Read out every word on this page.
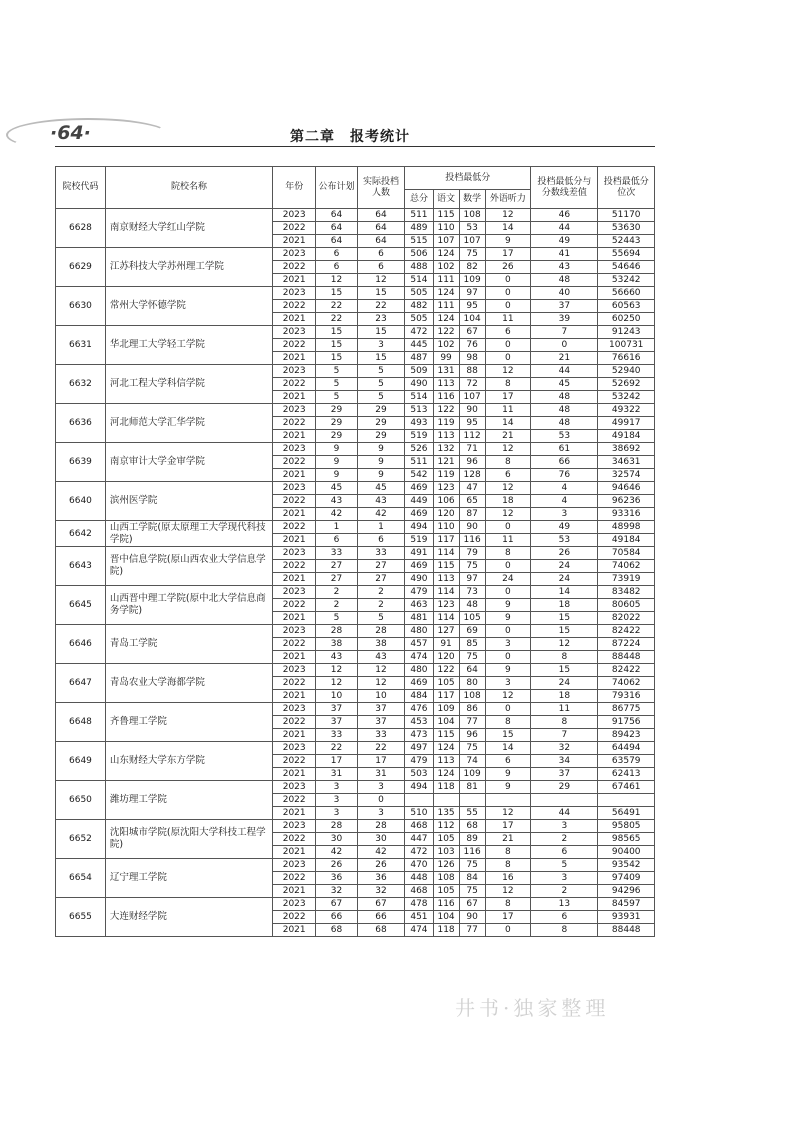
·64·	第二章　报考统计
院校代码	院校名称	年份	公布计划	实际投档人数	投档最低分				投档最低分与分数线差值	投档最低分位次
					总分	语文	数学	外语听力		
6628	南京财经大学红山学院	2023	64	64	511	115	108	12	46	51170
		2022	64	64	489	110	53	14	44	53630
		2021	64	64	515	107	107	9	49	52443
6629	江苏科技大学苏州理工学院	2023	6	6	506	124	75	17	41	55694
		2022	6	6	488	102	82	26	43	54646
		2021	12	12	514	111	109	0	48	53242
6630	常州大学怀德学院	2023	15	15	505	124	97	0	40	56660
		2022	22	22	482	111	95	0	37	60563
		2021	22	23	505	124	104	11	39	60250
6631	华北理工大学轻工学院	2023	15	15	472	122	67	6	7	91243
		2022	15	3	445	102	76	0	0	100731
		2021	15	15	487	99	98	0	21	76616
6632	河北工程大学科信学院	2023	5	5	509	131	88	12	44	52940
		2022	5	5	490	113	72	8	45	52692
		2021	5	5	514	116	107	17	48	53242
6636	河北师范大学汇华学院	2023	29	29	513	122	90	11	48	49322
		2022	29	29	493	119	95	14	48	49917
		2021	29	29	519	113	112	21	53	49184
6639	南京审计大学金审学院	2023	9	9	526	132	71	12	61	38692
		2022	9	9	511	121	96	8	66	34631
		2021	9	9	542	119	128	6	76	32574
6640	滨州医学院	2023	45	45	469	123	47	12	4	94646
		2022	43	43	449	106	65	18	4	96236
		2021	42	42	469	120	87	12	3	93316
6642	山西工学院(原太原理工大学现代科技学院)	2022	1	1	494	110	90	0	49	48998
		2021	6	6	519	117	116	11	53	49184
6643	晋中信息学院(原山西农业大学信息学院)	2023	33	33	491	114	79	8	26	70584
		2022	27	27	469	115	75	0	24	74062
		2021	27	27	490	113	97	24	24	73919
6645	山西晋中理工学院(原中北大学信息商务学院)	2023	2	2	479	114	73	0	14	83482
		2022	2	2	463	123	48	9	18	80605
		2021	5	5	481	114	105	9	15	82022
6646	青岛工学院	2023	28	28	480	127	69	0	15	82422
		2022	38	38	457	91	85	3	12	87224
		2021	43	43	474	120	75	0	8	88448
6647	青岛农业大学海都学院	2023	12	12	480	122	64	9	15	82422
		2022	12	12	469	105	80	3	24	74062
		2021	10	10	484	117	108	12	18	79316
6648	齐鲁理工学院	2023	37	37	476	109	86	0	11	86775
		2022	37	37	453	104	77	8	8	91756
		2021	33	33	473	115	96	15	7	89423
6649	山东财经大学东方学院	2023	22	22	497	124	75	14	32	64494
		2022	17	17	479	113	74	6	34	63579
		2021	31	31	503	124	109	9	37	62413
6650	潍坊理工学院	2023	3	3	494	118	81	9	29	67461
		2022	3	0						
		2021	3	3	510	135	55	12	44	56491
6652	沈阳城市学院(原沈阳大学科技工程学院)	2023	28	28	468	112	68	17	3	95805
		2022	30	30	447	105	89	21	2	98565
		2021	42	42	472	103	116	8	6	90400
6654	辽宁理工学院	2023	26	26	470	126	75	8	5	93542
		2022	36	36	448	108	84	16	3	97409
		2021	32	32	468	105	75	12	2	94296
6655	大连财经学院	2023	67	67	478	116	67	8	13	84597
		2022	66	66	451	104	90	17	6	93931
		2021	68	68	474	118	77	0	8	88448
井书·独家整理
